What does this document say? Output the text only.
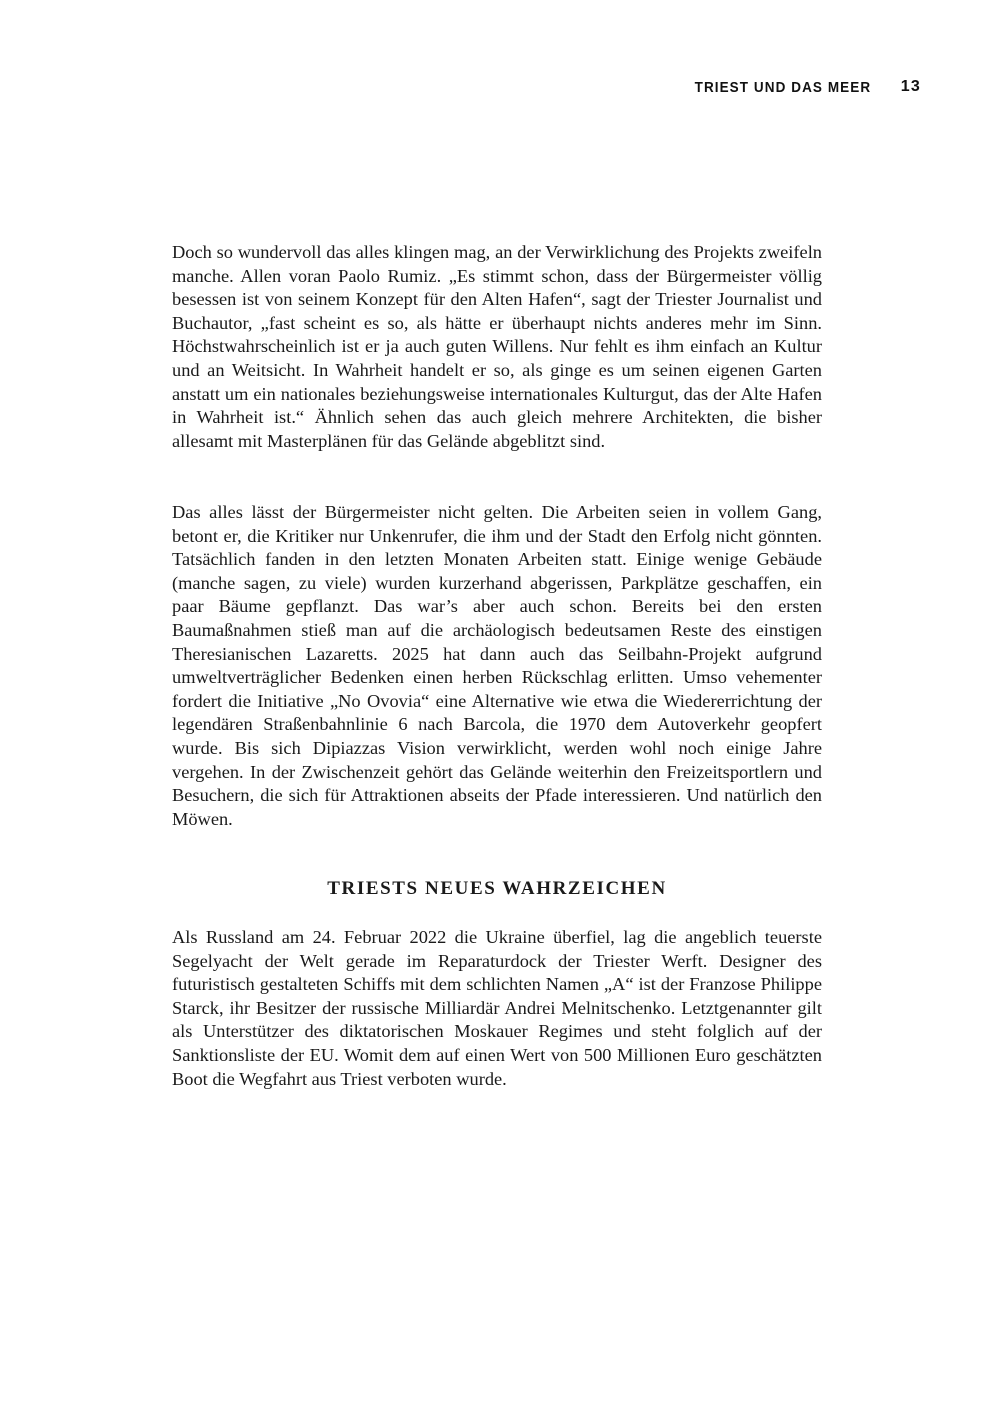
TRIEST UND DAS MEER 13

Doch so wundervoll das alles klingen mag, an der Verwirklichung des Projekts zweifeln manche. Allen voran Paolo Rumiz. „Es stimmt schon, dass der Bürgermeister völlig besessen ist von seinem Konzept für den Alten Hafen“, sagt der Triester Journalist und Buchautor, „fast scheint es so, als hätte er überhaupt nichts anderes mehr im Sinn. Höchstwahrscheinlich ist er ja auch guten Willens. Nur fehlt es ihm einfach an Kultur und an Weitsicht. In Wahrheit handelt er so, als ginge es um seinen eigenen Garten anstatt um ein nationales beziehungsweise internationales Kulturgut, das der Alte Hafen in Wahrheit ist.“ Ähnlich sehen das auch gleich mehrere Architekten, die bisher allesamt mit Masterplänen für das Gelände abgeblitzt sind.

Das alles lässt der Bürgermeister nicht gelten. Die Arbeiten seien in vollem Gang, betont er, die Kritiker nur Unkenrufer, die ihm und der Stadt den Erfolg nicht gönnten. Tatsächlich fanden in den letzten Monaten Arbeiten statt. Einige wenige Gebäude (manche sagen, zu viele) wurden kurzerhand abgerissen, Parkplätze geschaffen, ein paar Bäume gepflanzt. Das war’s aber auch schon. Bereits bei den ersten Baumaßnahmen stieß man auf die archäologisch bedeutsamen Reste des einstigen Theresianischen Lazaretts. 2025 hat dann auch das Seilbahn-Projekt aufgrund umweltverträglicher Bedenken einen herben Rückschlag erlitten. Umso vehementer fordert die Initiative „No Ovovia“ eine Alternative wie etwa die Wiedererrichtung der legendären Straßenbahnlinie 6 nach Barcola, die 1970 dem Autoverkehr geopfert wurde. Bis sich Dipiazzas Vision verwirklicht, werden wohl noch einige Jahre vergehen. In der Zwischenzeit gehört das Gelände weiterhin den Freizeitsportlern und Besuchern, die sich für Attraktionen abseits der Pfade interessieren. Und natürlich den Möwen.

TRIESTS NEUES WAHRZEICHEN

Als Russland am 24. Februar 2022 die Ukraine überfiel, lag die angeblich teuerste Segelyacht der Welt gerade im Reparaturdock der Triester Werft. Designer des futuristisch gestalteten Schiffs mit dem schlichten Namen „A“ ist der Franzose Philippe Starck, ihr Besitzer der russische Milliardär Andrei Melnitschenko. Letztgenannter gilt als Unterstützer des diktatorischen Moskauer Regimes und steht folglich auf der Sanktionsliste der EU. Womit dem auf einen Wert von 500 Millionen Euro geschätzten Boot die Wegfahrt aus Triest verboten wurde.
